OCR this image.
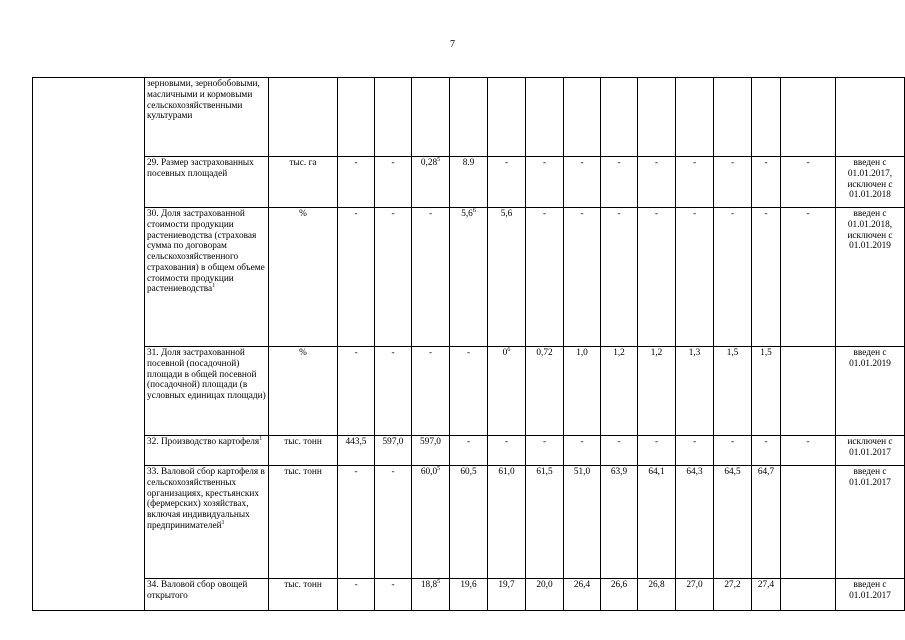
7
	зерновыми, зернобобовыми, масличными и кормовыми сельскохозяйственными культурами															
	29. Размер застрахованных посевных площадей	тыс. га	-	-	0,28$^5$	8.9	-	-	-	-	-	-	-	-	-	введен с 01.01.2017, исключен с 01.01.2018
	30. Доля застрахованной стоимости продукции растениеводства (страховая сумма по договорам сельскохозяйственного страхования) в общем объеме стоимости продукции растениеводства$^1$	%	-	-	-	$5,6^6$	5,6	-	-	-	-	-	-	-	-	введен с 01.01.2018, исключен с 01.01.2019
	31. Доля застрахованной посевной (посадочной) площади в общей посевной (посадочной) площади (в условных единицах площади)	%	-	-	-	-	$0^6$	0,72	1,0	1,2	1,2	1,3	1,5	1,5		введен с 01.01.2019
	32. Производство картофеля$^1$	тыс. тонн	443,5	597,0	597,0	-	-	-	-	-	-	-	-	-	-	исключен с 01.01.2017
	33. Валовой сбор картофеля в сельскохозяйственных организациях, крестьянских (фермерских) хозяйствах, включая индивидуальных предпринимателей$^1$	тыс. тонн	-	-	60,0$^5$	60,5	61,0	61,5	51,0	63,9	64,1	64,3	64,5	64,7		введен с 01.01.2017
	34. Валовой сбор овощей открытого	тыс. тонн	-	-	18,8$^5$	19,6	19,7	20,0	26,4	26,6	26,8	27,0	27,2	27,4		введен с 01.01.2017
